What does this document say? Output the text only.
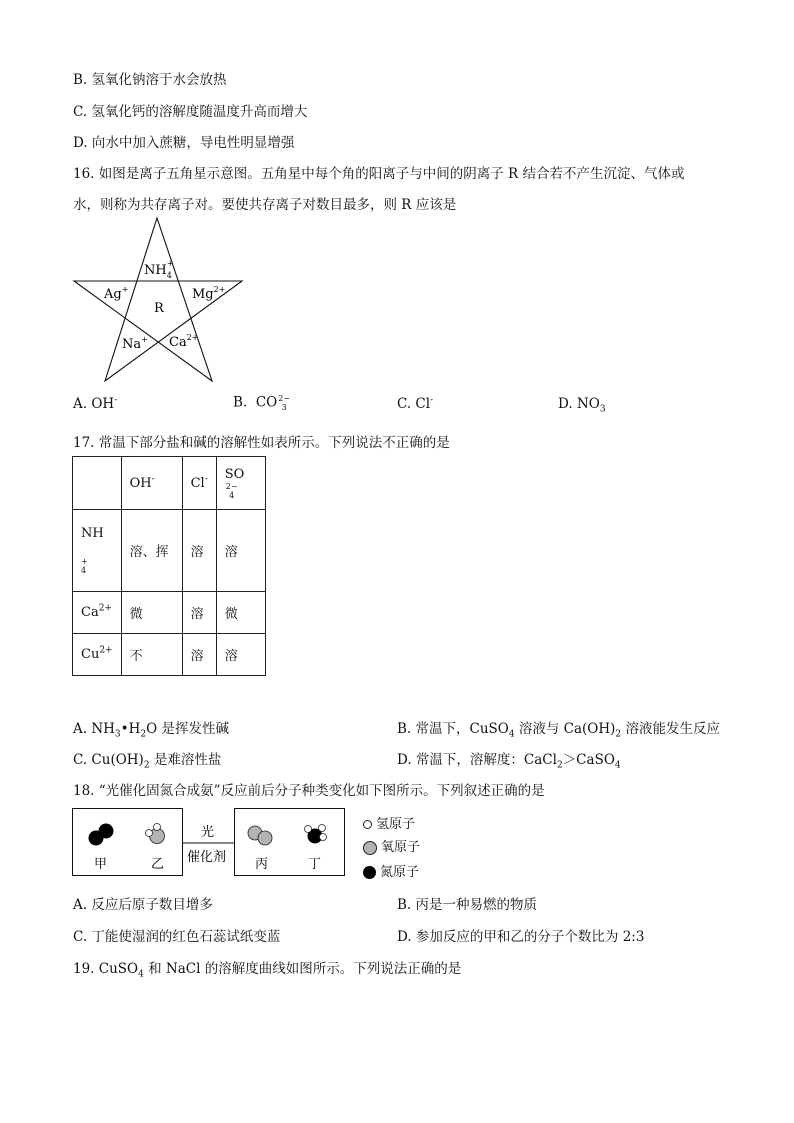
B. 氢氧化钠溶于水会放热
C. 氢氧化钙的溶解度随温度升高而增大
D. 向水中加入蔗糖，导电性明显增强
16. 如图是离子五角星示意图。五角星中每个角的阳离子与中间的阴离子 R 结合若不产生沉淀、气体或
水，则称为共存离子对。要使共存离子对数目最多，则 R 应该是
$NH_4+$
Ag+	$Mg^{2+}$
R
Na+ $Ca^{2+}$
A. OH-	B. CO 2−
3	C. Cl-	D. $NO_3$
17. 常温下部分盐和碱的溶解性如表所示。下列说法不正确的是
	OH-	Cl-	SO
2−
4

NH
+
4	溶、挥	溶	溶
$Ca^{2+}$	微	溶	微
$Cu^{2+}$	不	溶	溶
A. $NH_3•H_2O$ 是挥发性碱	B. 常温下，CuSO$_4$ 溶液与 $Ca(OH)_2$ 溶液能发生反应
C. $Cu(OH)_2$ 是难溶性盐	D. 常温下，溶解度：CaCl$_2$＞CaSO$_4$
18. “光催化固氮合成氨”反应前后分子种类变化如下图所示。下列叙述正确的是
甲	乙	丙	丁
光
催化剂
氢原子
氧原子
氮原子
A. 反应后原子数目增多	B. 丙是一种易燃的物质
C. 丁能使湿润的红色石蕊试纸变蓝	D. 参加反应的甲和乙的分子个数比为 2:3
19. CuSO$_4$ 和 NaCl 的溶解度曲线如图所示。下列说法正确的是
